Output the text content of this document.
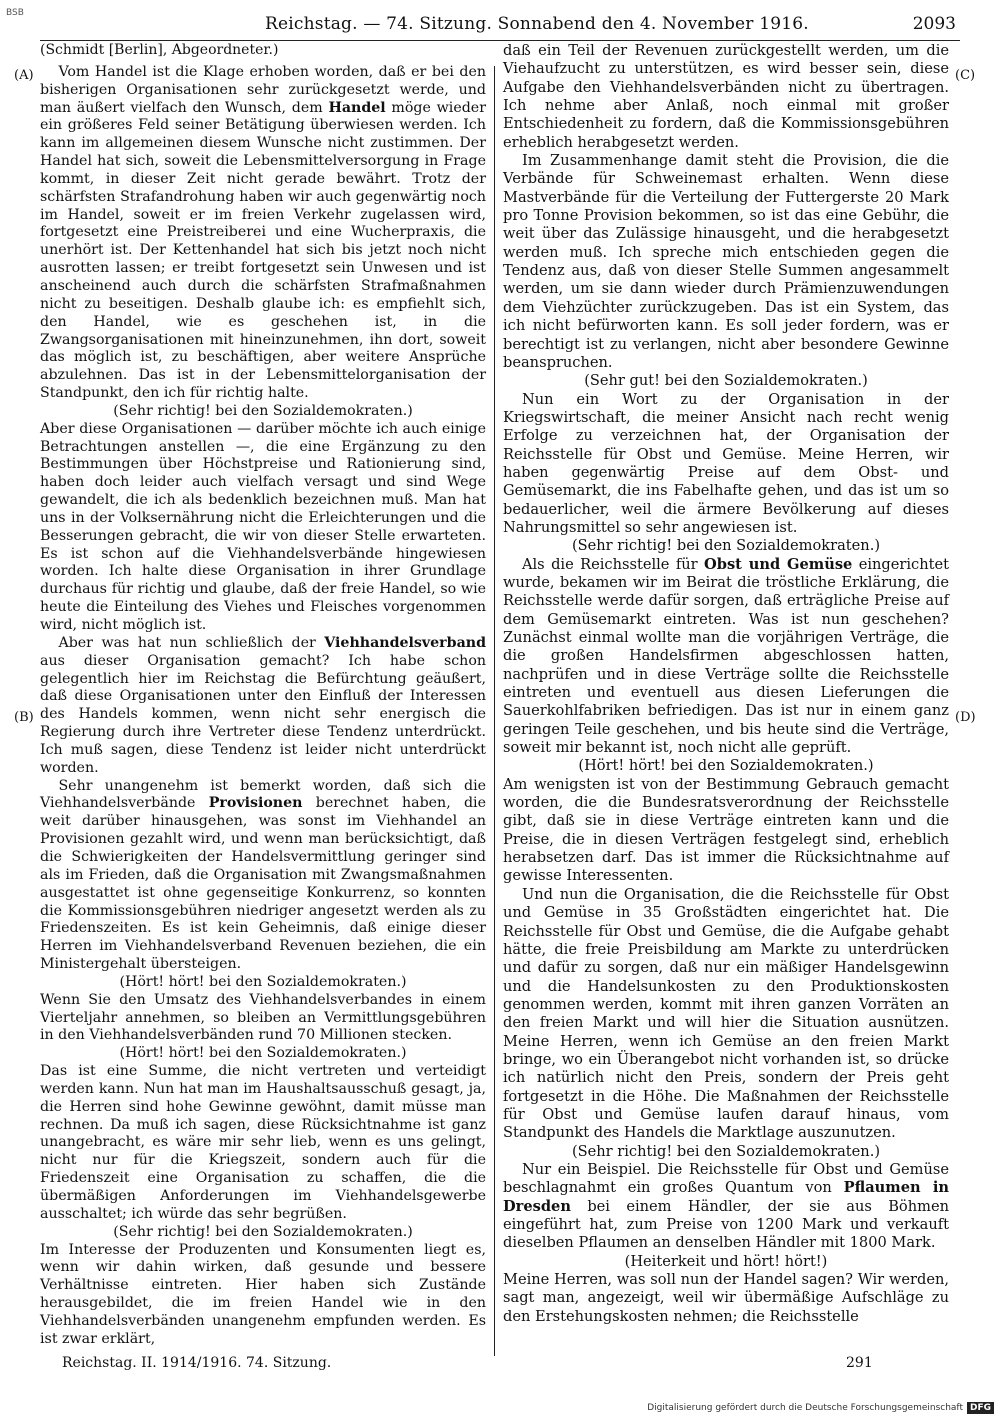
BSB
Reichstag. — 74. Sitzung. Sonnabend den 4. November 1916.	2093
(A)
(B)
(C)
(D)

(Schmidt [Berlin], Abgeordneter.)

Vom Handel ist die Klage erhoben worden, daß er bei den bisherigen Organisationen sehr zurückgesetzt werde, und man äußert vielfach den Wunsch, dem Handel möge wieder ein größeres Feld seiner Betätigung überwiesen werden. Ich kann im allgemeinen diesem Wunsche nicht zustimmen. Der Handel hat sich, soweit die Lebensmittelversorgung in Frage kommt, in dieser Zeit nicht gerade bewährt. Trotz der schärfsten Strafandrohung haben wir auch gegenwärtig noch im Handel, soweit er im freien Verkehr zugelassen wird, fortgesetzt eine Preistreiberei und eine Wucherpraxis, die unerhört ist. Der Kettenhandel hat sich bis jetzt noch nicht ausrotten lassen; er treibt fortgesetzt sein Unwesen und ist anscheinend auch durch die schärfsten Strafmaßnahmen nicht zu beseitigen. Deshalb glaube ich: es empfiehlt sich, den Handel, wie es geschehen ist, in die Zwangsorganisationen mit hineinzunehmen, ihn dort, soweit das möglich ist, zu beschäftigen, aber weitere Ansprüche abzulehnen. Das ist in der Lebensmittelorganisation der Standpunkt, den ich für richtig halte.

(Sehr richtig! bei den Sozialdemokraten.)

Aber diese Organisationen — darüber möchte ich auch einige Betrachtungen anstellen —, die eine Ergänzung zu den Bestimmungen über Höchstpreise und Rationierung sind, haben doch leider auch vielfach versagt und sind Wege gewandelt, die ich als bedenklich bezeichnen muß. Man hat uns in der Volksernährung nicht die Erleichterungen und die Besserungen gebracht, die wir von dieser Stelle erwarteten. Es ist schon auf die Viehhandelsverbände hingewiesen worden. Ich halte diese Organisation in ihrer Grundlage durchaus für richtig und glaube, daß der freie Handel, so wie heute die Einteilung des Viehes und Fleisches vorgenommen wird, nicht möglich ist.

Aber was hat nun schließlich der Viehhandelsverband aus dieser Organisation gemacht? Ich habe schon gelegentlich hier im Reichstag die Befürchtung geäußert, daß diese Organisationen unter den Einfluß der Interessen des Handels kommen, wenn nicht sehr energisch die Regierung durch ihre Vertreter diese Tendenz unterdrückt. Ich muß sagen, diese Tendenz ist leider nicht unterdrückt worden.

Sehr unangenehm ist bemerkt worden, daß sich die Viehhandelsverbände Provisionen berechnet haben, die weit darüber hinausgehen, was sonst im Viehhandel an Provisionen gezahlt wird, und wenn man berücksichtigt, daß die Schwierigkeiten der Handelsvermittlung geringer sind als im Frieden, daß die Organisation mit Zwangsmaßnahmen ausgestattet ist ohne gegenseitige Konkurrenz, so konnten die Kommissionsgebühren niedriger angesetzt werden als zu Friedenszeiten. Es ist kein Geheimnis, daß einige dieser Herren im Viehhandelsverband Revenuen beziehen, die ein Ministergehalt übersteigen.

(Hört! hört! bei den Sozialdemokraten.)

Wenn Sie den Umsatz des Viehhandelsverbandes in einem Vierteljahr annehmen, so bleiben an Vermittlungsgebühren in den Viehhandelsverbänden rund 70 Millionen stecken.

(Hört! hört! bei den Sozialdemokraten.)

Das ist eine Summe, die nicht vertreten und verteidigt werden kann. Nun hat man im Haushaltsausschuß gesagt, ja, die Herren sind hohe Gewinne gewöhnt, damit müsse man rechnen. Da muß ich sagen, diese Rücksichtnahme ist ganz unangebracht, es wäre mir sehr lieb, wenn es uns gelingt, nicht nur für die Kriegszeit, sondern auch für die Friedenszeit eine Organisation zu schaffen, die die übermäßigen Anforderungen im Viehhandelsgewerbe ausschaltet; ich würde das sehr begrüßen.

(Sehr richtig! bei den Sozialdemokraten.)

Im Interesse der Produzenten und Konsumenten liegt es, wenn wir dahin wirken, daß gesunde und bessere Verhältnisse eintreten. Hier haben sich Zustände herausgebildet, die im freien Handel wie in den Viehhandelsverbänden unangenehm empfunden werden. Es ist zwar erklärt,

daß ein Teil der Revenuen zurückgestellt werden, um die Viehaufzucht zu unterstützen, es wird besser sein, diese Aufgabe den Viehhandelsverbänden nicht zu übertragen. Ich nehme aber Anlaß, noch einmal mit großer Entschiedenheit zu fordern, daß die Kommissionsgebühren erheblich herabgesetzt werden.

Im Zusammenhange damit steht die Provision, die die Verbände für Schweinemast erhalten. Wenn diese Mastverbände für die Verteilung der Futtergerste 20 Mark pro Tonne Provision bekommen, so ist das eine Gebühr, die weit über das Zulässige hinausgeht, und die herabgesetzt werden muß. Ich spreche mich entschieden gegen die Tendenz aus, daß von dieser Stelle Summen angesammelt werden, um sie dann wieder durch Prämienzuwendungen dem Viehzüchter zurückzugeben. Das ist ein System, das ich nicht befürworten kann. Es soll jeder fordern, was er berechtigt ist zu verlangen, nicht aber besondere Gewinne beanspruchen.

(Sehr gut! bei den Sozialdemokraten.)

Nun ein Wort zu der Organisation in der Kriegswirtschaft, die meiner Ansicht nach recht wenig Erfolge zu verzeichnen hat, der Organisation der Reichsstelle für Obst und Gemüse. Meine Herren, wir haben gegenwärtig Preise auf dem Obst- und Gemüsemarkt, die ins Fabelhafte gehen, und das ist um so bedauerlicher, weil die ärmere Bevölkerung auf dieses Nahrungsmittel so sehr angewiesen ist.

(Sehr richtig! bei den Sozialdemokraten.)

Als die Reichsstelle für Obst und Gemüse eingerichtet wurde, bekamen wir im Beirat die tröstliche Erklärung, die Reichsstelle werde dafür sorgen, daß erträgliche Preise auf dem Gemüsemarkt eintreten. Was ist nun geschehen? Zunächst einmal wollte man die vorjährigen Verträge, die die großen Handelsfirmen abgeschlossen hatten, nachprüfen und in diese Verträge sollte die Reichsstelle eintreten und eventuell aus diesen Lieferungen die Sauerkohlfabriken befriedigen. Das ist nur in einem ganz geringen Teile geschehen, und bis heute sind die Verträge, soweit mir bekannt ist, noch nicht alle geprüft.

(Hört! hört! bei den Sozialdemokraten.)

Am wenigsten ist von der Bestimmung Gebrauch gemacht worden, die die Bundesratsverordnung der Reichsstelle gibt, daß sie in diese Verträge eintreten kann und die Preise, die in diesen Verträgen festgelegt sind, erheblich herabsetzen darf. Das ist immer die Rücksichtnahme auf gewisse Interessenten.

Und nun die Organisation, die die Reichsstelle für Obst und Gemüse in 35 Großstädten eingerichtet hat. Die Reichsstelle für Obst und Gemüse, die die Aufgabe gehabt hätte, die freie Preisbildung am Markte zu unterdrücken und dafür zu sorgen, daß nur ein mäßiger Handelsgewinn und die Handelsunkosten zu den Produktionskosten genommen werden, kommt mit ihren ganzen Vorräten an den freien Markt und will hier die Situation ausnützen. Meine Herren, wenn ich Gemüse an den freien Markt bringe, wo ein Überangebot nicht vorhanden ist, so drücke ich natürlich nicht den Preis, sondern der Preis geht fortgesetzt in die Höhe. Die Maßnahmen der Reichsstelle für Obst und Gemüse laufen darauf hinaus, vom Standpunkt des Handels die Marktlage auszunutzen.

(Sehr richtig! bei den Sozialdemokraten.)

Nur ein Beispiel. Die Reichsstelle für Obst und Gemüse beschlagnahmt ein großes Quantum von Pflaumen in Dresden bei einem Händler, der sie aus Böhmen eingeführt hat, zum Preise von 1200 Mark und verkauft dieselben Pflaumen an denselben Händler mit 1800 Mark.

(Heiterkeit und hört! hört!)

Meine Herren, was soll nun der Handel sagen? Wir werden, sagt man, angezeigt, weil wir übermäßige Aufschläge zu den Erstehungskosten nehmen; die Reichsstelle

Reichstag. II. 1914/1916. 74. Sitzung.	291
Digitalisierung gefördert durch die Deutsche Forschungsgemeinschaft DFG
